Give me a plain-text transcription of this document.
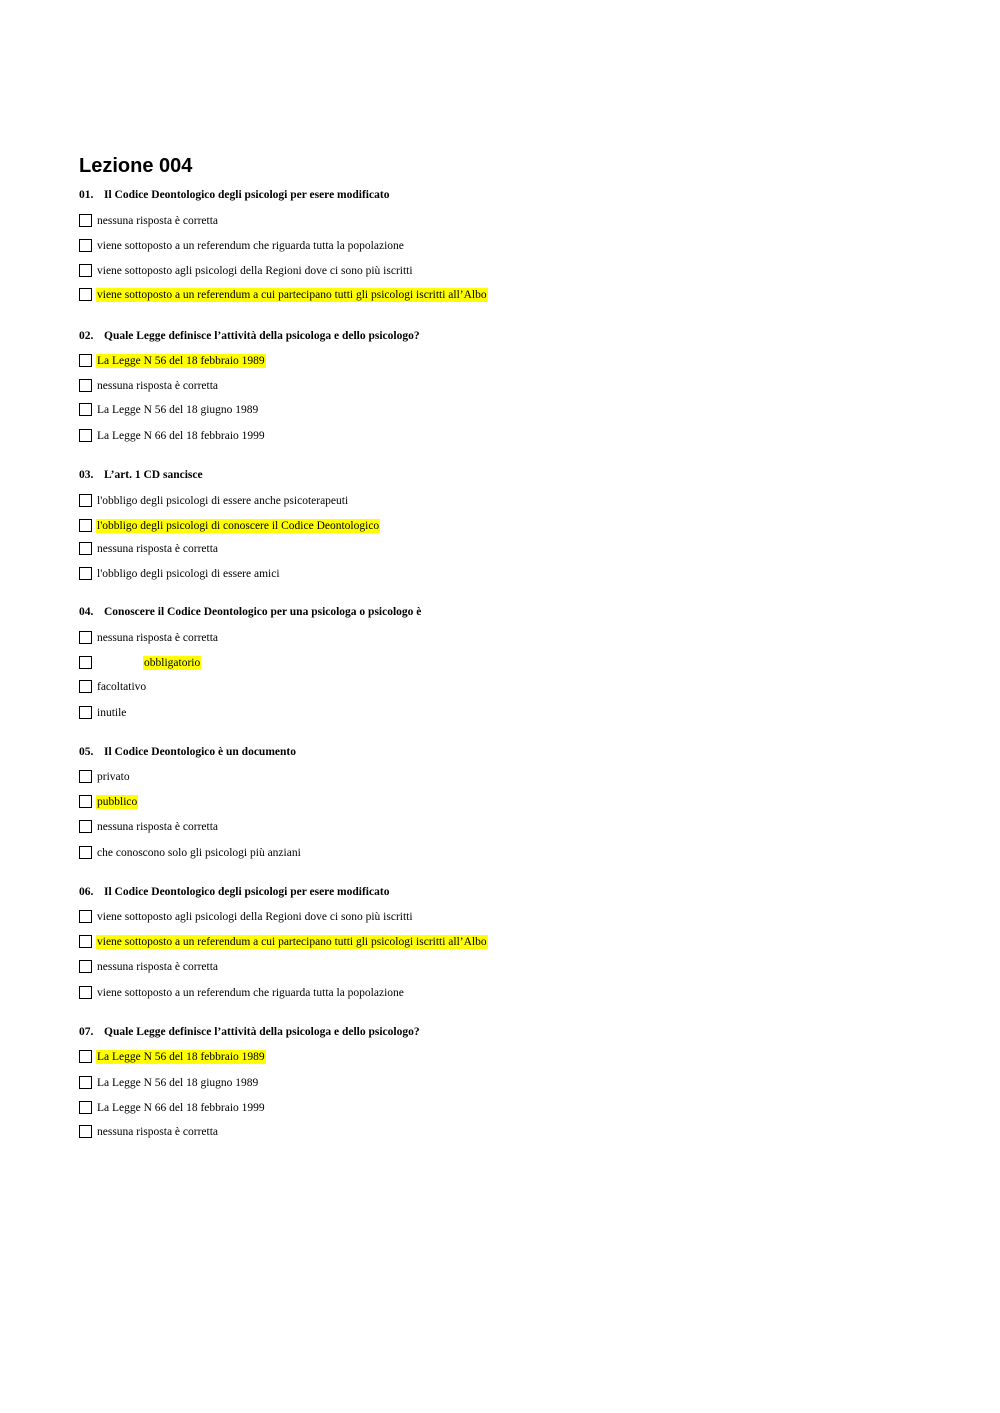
Lezione 004
01. Il Codice Deontologico degli psicologi per esere modificato
nessuna risposta è corretta
viene sottoposto a un referendum che riguarda tutta la popolazione
viene sottoposto agli psicologi della Regioni dove ci sono più iscritti
viene sottoposto a un referendum a cui partecipano tutti gli psicologi iscritti all’Albo
02. Quale Legge definisce l’attività della psicologa e dello psicologo?
La Legge N 56 del 18 febbraio 1989
nessuna risposta è corretta
La Legge N 56 del 18 giugno 1989
La Legge N 66 del 18 febbraio 1999
03. L’art. 1 CD sancisce
l'obbligo degli psicologi di essere anche psicoterapeuti
l'obbligo degli psicologi di conoscere il Codice Deontologico
nessuna risposta è corretta
l'obbligo degli psicologi di essere amici
04. Conoscere il Codice Deontologico per una psicologa o psicologo è
nessuna risposta è corretta
obbligatorio
facoltativo
inutile
05. Il Codice Deontologico è un documento
privato
pubblico
nessuna risposta è corretta
che conoscono solo gli psicologi più anziani
06. Il Codice Deontologico degli psicologi per esere modificato
viene sottoposto agli psicologi della Regioni dove ci sono più iscritti
viene sottoposto a un referendum a cui partecipano tutti gli psicologi iscritti all’Albo
nessuna risposta è corretta
viene sottoposto a un referendum che riguarda tutta la popolazione
07. Quale Legge definisce l’attività della psicologa e dello psicologo?
La Legge N 56 del 18 febbraio 1989
La Legge N 56 del 18 giugno 1989
La Legge N 66 del 18 febbraio 1999
nessuna risposta è corretta
